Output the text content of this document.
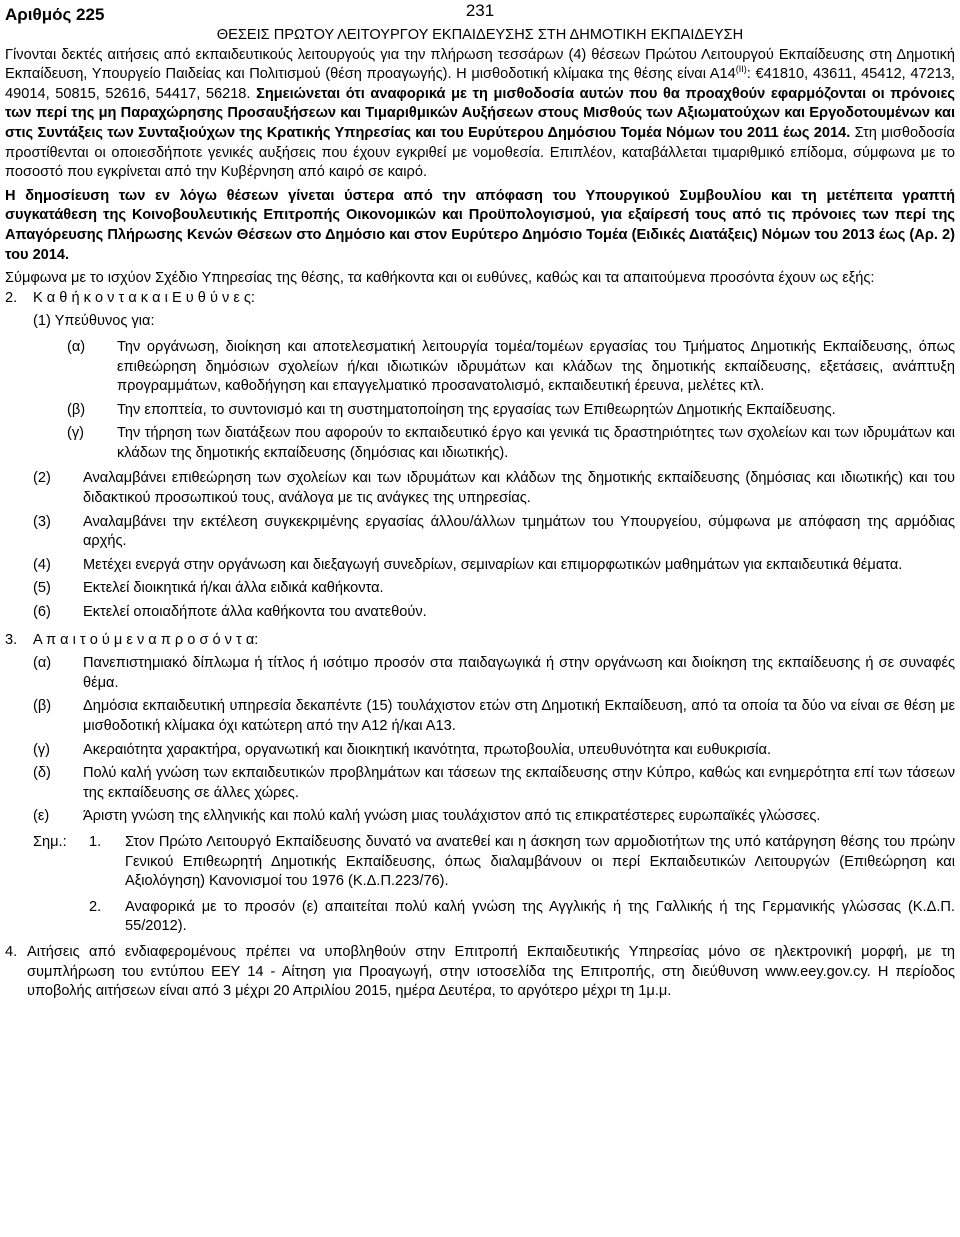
Αριθμός 225	231

ΘΕΣΕΙΣ ΠΡΩΤΟΥ ΛΕΙΤΟΥΡΓΟΥ ΕΚΠΑΙΔΕΥΣΗΣ ΣΤΗ ΔΗΜΟΤΙΚΗ ΕΚΠΑΙΔΕΥΣΗ

Γίνονται δεκτές αιτήσεις από εκπαιδευτικούς λειτουργούς για την πλήρωση τεσσάρων (4) θέσεων Πρώτου Λειτουργού Εκπαίδευσης στη Δημοτική Εκπαίδευση, Υπουργείο Παιδείας και Πολιτισμού (θέση προαγωγής). Η μισθοδοτική κλίμακα της θέσης είναι $A14^{(II)}$: €41810, 43611, 45412, 47213, 49014, 50815, 52616, 54417, 56218. Σημειώνεται ότι αναφορικά με τη μισθοδοσία αυτών που θα προαχθούν εφαρμόζονται οι πρόνοιες των περί της μη Παραχώρησης Προσαυξήσεων και Τιμαριθμικών Αυξήσεων στους Μισθούς των Αξιωματούχων και Εργοδοτουμένων και στις Συντάξεις των Συνταξιούχων της Κρατικής Υπηρεσίας και του Ευρύτερου Δημόσιου Τομέα Νόμων του 2011 έως 2014. Στη μισθοδοσία προστίθενται οι οποιεσδήποτε γενικές αυξήσεις που έχουν εγκριθεί με νομοθεσία. Επιπλέον, καταβάλλεται τιμαριθμικό επίδομα, σύμφωνα με το ποσοστό που εγκρίνεται από την Κυβέρνηση από καιρό σε καιρό.

Η δημοσίευση των εν λόγω θέσεων γίνεται ύστερα από την απόφαση του Υπουργικού Συμβουλίου και τη μετέπειτα γραπτή συγκατάθεση της Κοινοβουλευτικής Επιτροπής Οικονομικών και Προϋπολογισμού, για εξαίρεσή τους από τις πρόνοιες των περί της Απαγόρευσης Πλήρωσης Κενών Θέσεων στο Δημόσιο και στον Ευρύτερο Δημόσιο Τομέα (Ειδικές Διατάξεις) Νόμων του 2013 έως (Αρ. 2) του 2014.

Σύμφωνα με το ισχύον Σχέδιο Υπηρεσίας της θέσης, τα καθήκοντα και οι ευθύνες, καθώς και τα απαιτούμενα προσόντα έχουν ως εξής:

2.	Κ α θ ή κ ο ν τ α κ α ι Ε υ θ ύ ν ε ς:

(1) Υπεύθυνος για:

(α)	Την οργάνωση, διοίκηση και αποτελεσματική λειτουργία τομέα/τομέων εργασίας του Τμήματος Δημοτικής Εκπαίδευσης, όπως επιθεώρηση δημόσιων σχολείων ή/και ιδιωτικών ιδρυμάτων και κλάδων της δημοτικής εκπαίδευσης, εξετάσεις, ανάπτυξη προγραμμάτων, καθοδήγηση και επαγγελματικό προσανατολισμό, εκπαιδευτική έρευνα, μελέτες κτλ.
(β)	Την εποπτεία, το συντονισμό και τη συστηματοποίηση της εργασίας των Επιθεωρητών Δημοτικής Εκπαίδευσης.
(γ)	Την τήρηση των διατάξεων που αφορούν το εκπαιδευτικό έργο και γενικά τις δραστηριότητες των σχολείων και των ιδρυμάτων και κλάδων της δημοτικής εκπαίδευσης (δημόσιας και ιδιωτικής).
(2)	Αναλαμβάνει επιθεώρηση των σχολείων και των ιδρυμάτων και κλάδων της δημοτικής εκπαίδευσης (δημόσιας και ιδιωτικής) και του διδακτικού προσωπικού τους, ανάλογα με τις ανάγκες της υπηρεσίας.
(3)	Αναλαμβάνει την εκτέλεση συγκεκριμένης εργασίας άλλου/άλλων τμημάτων του Υπουργείου, σύμφωνα με απόφαση της αρμόδιας αρχής.
(4)	Μετέχει ενεργά στην οργάνωση και διεξαγωγή συνεδρίων, σεμιναρίων και επιμορφωτικών μαθημάτων για εκπαιδευτικά θέματα.
(5)	Εκτελεί διοικητικά ή/και άλλα ειδικά καθήκοντα.
(6)	Εκτελεί οποιαδήποτε άλλα καθήκοντα του ανατεθούν.
3.	Α π α ι τ ο ύ μ ε ν α π ρ ο σ ό ν τ α:
(α)	Πανεπιστημιακό δίπλωμα ή τίτλος ή ισότιμο προσόν στα παιδαγωγικά ή στην οργάνωση και διοίκηση της εκπαίδευσης ή σε συναφές θέμα.
(β)	Δημόσια εκπαιδευτική υπηρεσία δεκαπέντε (15) τουλάχιστον ετών στη Δημοτική Εκπαίδευση, από τα οποία τα δύο να είναι σε θέση με μισθοδοτική κλίμακα όχι κατώτερη από την Α12 ή/και Α13.
(γ)	Ακεραιότητα χαρακτήρα, οργανωτική και διοικητική ικανότητα, πρωτοβουλία, υπευθυνότητα και ευθυκρισία.
(δ)	Πολύ καλή γνώση των εκπαιδευτικών προβλημάτων και τάσεων της εκπαίδευσης στην Κύπρο, καθώς και ενημερότητα επί των τάσεων της εκπαίδευσης σε άλλες χώρες.
(ε)	Άριστη γνώση της ελληνικής και πολύ καλή γνώση μιας τουλάχιστον από τις επικρατέστερες ευρωπαϊκές γλώσσες.
Σημ.:	1.	Στον Πρώτο Λειτουργό Εκπαίδευσης δυνατό να ανατεθεί και η άσκηση των αρμοδιοτήτων της υπό κατάργηση θέσης του πρώην Γενικού Επιθεωρητή Δημοτικής Εκπαίδευσης, όπως διαλαμβάνουν οι περί Εκπαιδευτικών Λειτουργών (Επιθεώρηση και Αξιολόγηση) Κανονισμοί του 1976 (Κ.Δ.Π.223/76).
2.	Αναφορικά με το προσόν (ε) απαιτείται πολύ καλή γνώση της Αγγλικής ή της Γαλλικής ή της Γερμανικής γλώσσας (Κ.Δ.Π. 55/2012).
4. Αιτήσεις από ενδιαφερομένους πρέπει να υποβληθούν στην Επιτροπή Εκπαιδευτικής Υπηρεσίας μόνο σε ηλεκτρονική μορφή, με τη συμπλήρωση του εντύπου ΕΕΥ 14 - Αίτηση για Προαγωγή, στην ιστοσελίδα της Επιτροπής, στη διεύθυνση www.eey.gov.cy. Η περίοδος υποβολής αιτήσεων είναι από 3 μέχρι 20 Απριλίου 2015, ημέρα Δευτέρα, το αργότερο μέχρι τη 1μ.μ.
